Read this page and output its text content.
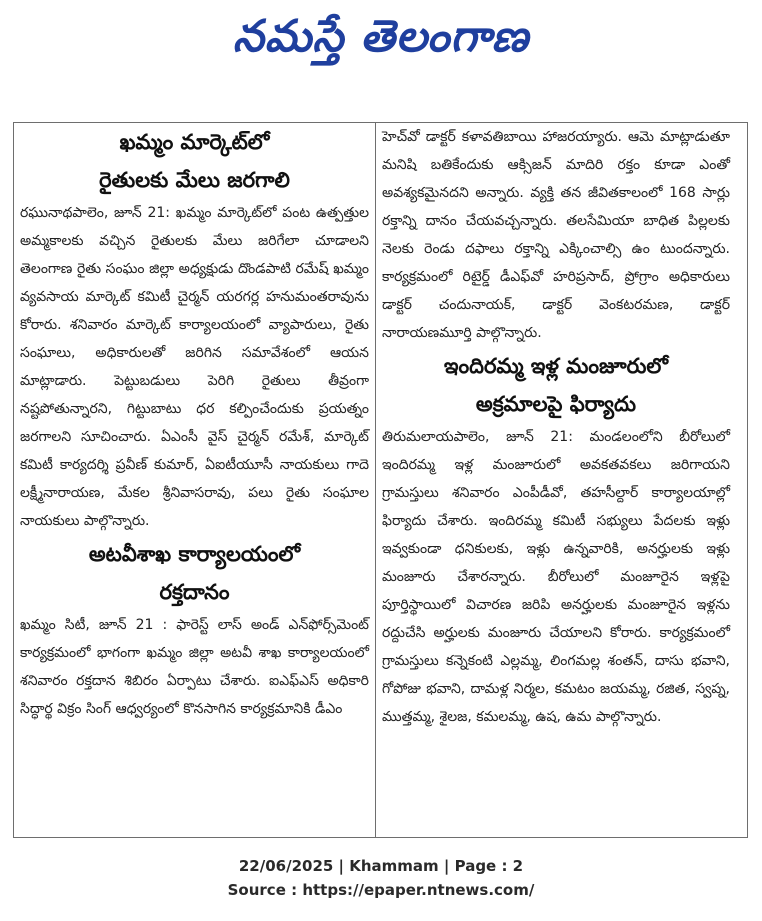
నమస్తే తెలంగాణ

ఖమ్మం మార్కెట్‌లో

రైతులకు మేలు జరగాలి

రఘునాథపాలెం, జూన్ 21: ఖమ్మం మార్కెట్‌లో పంట ఉత్పత్తుల అమ్మకాలకు వచ్చిన రైతులకు మేలు జరిగేలా చూడాలని తెలంగాణ రైతు సంఘం జిల్లా అధ్యక్షుడు దొండపాటి రమేష్ ఖమ్మం వ్యవసాయ మార్కెట్ కమిటీ చైర్మన్ యరగర్ల హనుమంతరావును కోరారు. శనివారం మార్కెట్ కార్యాలయంలో వ్యాపారులు, రైతు సంఘాలు, అధికారులతో జరిగిన సమావేశంలో ఆయన మాట్లాడారు. పెట్టుబడులు పెరిగి రైతులు తీవ్రంగా నష్టపోతున్నారని, గిట్టుబాటు ధర కల్పించేందుకు ప్రయత్నం జరగాలని సూచించారు. ఏఎంసీ వైస్ చైర్మన్ రమేశ్, మార్కెట్ కమిటీ కార్యదర్శి ప్రవీణ్ కుమార్, ఏఐటీయూసీ నాయకులు గాదె లక్ష్మీనారాయణ, మేకల శ్రీనివాసరావు, పలు రైతు సంఘాల నాయకులు పాల్గొన్నారు.

అటవీశాఖ కార్యాలయంలో

రక్తదానం

ఖమ్మం సిటీ, జూన్ 21 : ఫారెస్ట్ లాస్ అండ్ ఎన్‌ఫోర్స్‌మెంట్ కార్యక్రమంలో భాగంగా ఖమ్మం జిల్లా అటవీ శాఖ కార్యాలయంలో శనివారం రక్తదాన శిబిరం ఏర్పాటు చేశారు. ఐఎఫ్ఎస్ అధికారి సిద్ధార్థ విక్రం సింగ్ ఆధ్వర్యంలో కొనసాగిన కార్యక్రమానికి డీఎం

హెచ్‌వో డాక్టర్ కళావతిబాయి హాజరయ్యారు. ఆమె మాట్లాడుతూ మనిషి బతికేందుకు ఆక్సిజన్ మాదిరి రక్తం కూడా ఎంతో అవశ్యకమైనదని అన్నారు. వ్యక్తి తన జీవితకాలంలో 168 సార్లు రక్తాన్ని దానం చేయవచ్చన్నారు. తలసేమియా బాధిత పిల్లలకు నెలకు రెండు దఫాలు రక్తాన్ని ఎక్కించాల్సి ఉం టుందన్నారు. కార్యక్రమంలో రిటైర్డ్ డీఎఫ్‌వో హరిప్రసాద్, ప్రోగ్రాం అధికారులు డాక్టర్ చందునాయక్, డాక్టర్ వెంకటరమణ, డాక్టర్ నారాయణమూర్తి పాల్గొన్నారు.

ఇందిరమ్మ ఇళ్ల మంజూరులో

అక్రమాలపై ఫిర్యాదు

తిరుమలాయపాలెం, జూన్ 21: మండలంలోని బీరోలులో ఇందిరమ్మ ఇళ్ల మంజూరులో అవకతవకలు జరిగాయని గ్రామస్తులు శనివారం ఎంపీడీవో, తహసీల్దార్ కార్యాలయాల్లో ఫిర్యాదు చేశారు. ఇందిరమ్మ కమిటీ సభ్యులు పేదలకు ఇళ్లు ఇవ్వకుండా ధనికులకు, ఇళ్లు ఉన్నవారికి, అనర్హులకు ఇళ్లు మంజూరు చేశారన్నారు. బీరోలులో మంజూరైన ఇళ్లపై పూర్తిస్థాయిలో విచారణ జరిపి అనర్హులకు మంజూరైన ఇళ్లను రద్దుచేసి అర్హులకు మంజూరు చేయాలని కోరారు. కార్యక్రమంలో గ్రామస్తులు కన్నెకంటి ఎల్లమ్మ, లింగమల్ల శంతన్, దాసు భవాని, గోపోజు భవాని, దామళ్ల నిర్మల, కమటం జయమ్మ, రజిత, స్వప్న, ముత్తమ్మ, శైలజ, కమలమ్మ, ఉష, ఉమ పాల్గొన్నారు.

22/06/2025 | Khammam | Page : 2
Source : https://epaper.ntnews.com/
